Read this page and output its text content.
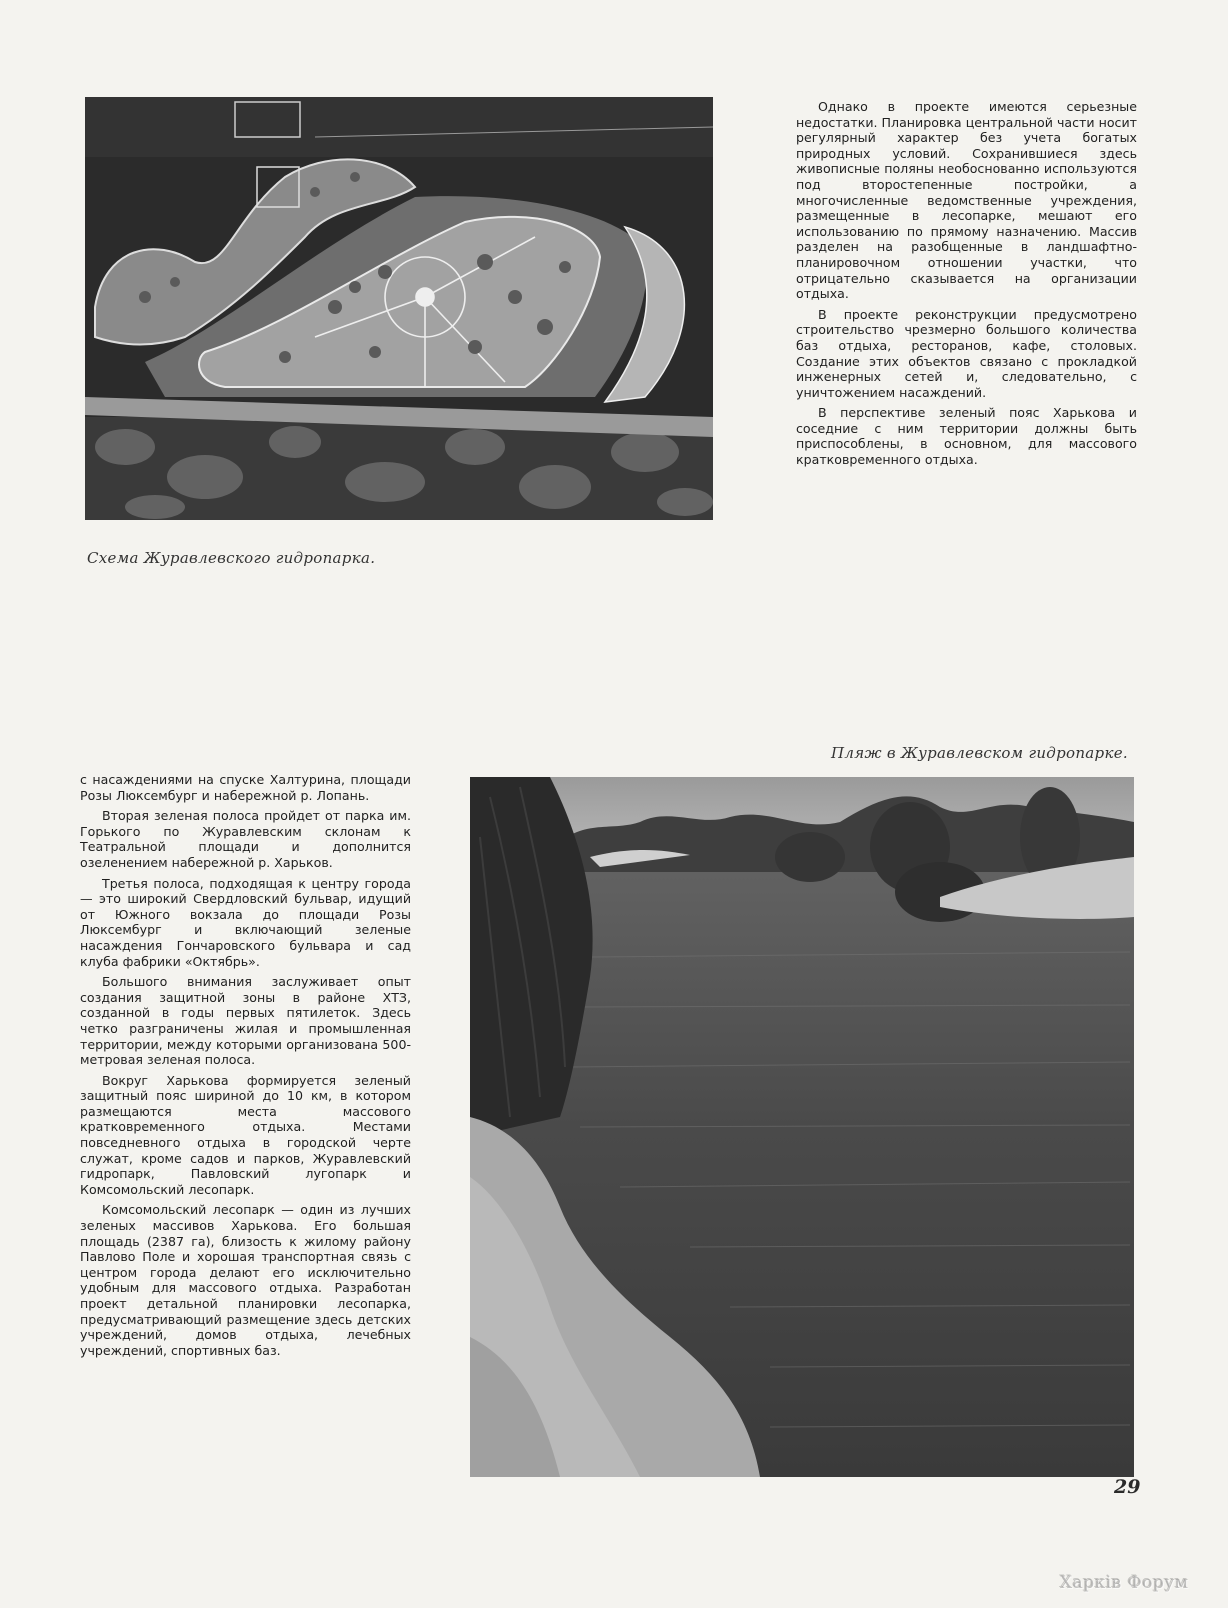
Схема Журавлевского гидропарка.

Однако в проекте имеются серьезные недостатки. Планировка центральной части носит регулярный характер без учета богатых природных условий. Сохранившиеся здесь живописные поляны необоснованно используются под второстепенные постройки, а многочисленные ведомственные учреждения, размещенные в лесопарке, мешают его использованию по прямому назначению. Массив разделен на разобщенные в ландшафтно-планировочном отношении участки, что отрицательно сказывается на организации отдыха.

В проекте реконструкции предусмотрено строительство чрезмерно большого количества баз отдыха, ресторанов, кафе, столовых. Создание этих объектов связано с прокладкой инженерных сетей и, следовательно, с уничтожением насаждений.

В перспективе зеленый пояс Харькова и соседние с ним территории должны быть приспособлены, в основном, для массового кратковременного отдыха.

Пляж в Журавлевском гидропарке.

с насаждениями на спуске Халтурина, площади Розы Люксембург и набережной р. Лопань.

Вторая зеленая полоса пройдет от парка им. Горького по Журавлевским склонам к Театральной площади и дополнится озеленением набережной р. Харьков.

Третья полоса, подходящая к центру города — это широкий Свердловский бульвар, идущий от Южного вокзала до площади Розы Люксембург и включающий зеленые насаждения Гончаровского бульвара и сад клуба фабрики «Октябрь».

Большого внимания заслуживает опыт создания защитной зоны в районе ХТЗ, созданной в годы первых пятилеток. Здесь четко разграничены жилая и промышленная территории, между которыми организована 500-метровая зеленая полоса.

Вокруг Харькова формируется зеленый защитный пояс шириной до 10 км, в котором размещаются места массового кратковременного отдыха. Местами повседневного отдыха в городской черте служат, кроме садов и парков, Журавлевский гидропарк, Павловский лугопарк и Комсомольский лесопарк.

Комсомольский лесопарк — один из лучших зеленых массивов Харькова. Его большая площадь (2387 га), близость к жилому району Павлово Поле и хорошая транспортная связь с центром города делают его исключительно удобным для массового отдыха. Разработан проект детальной планировки лесопарка, предусматривающий размещение здесь детских учреждений, домов отдыха, лечебных учреждений, спортивных баз.

29
Харків Форум
